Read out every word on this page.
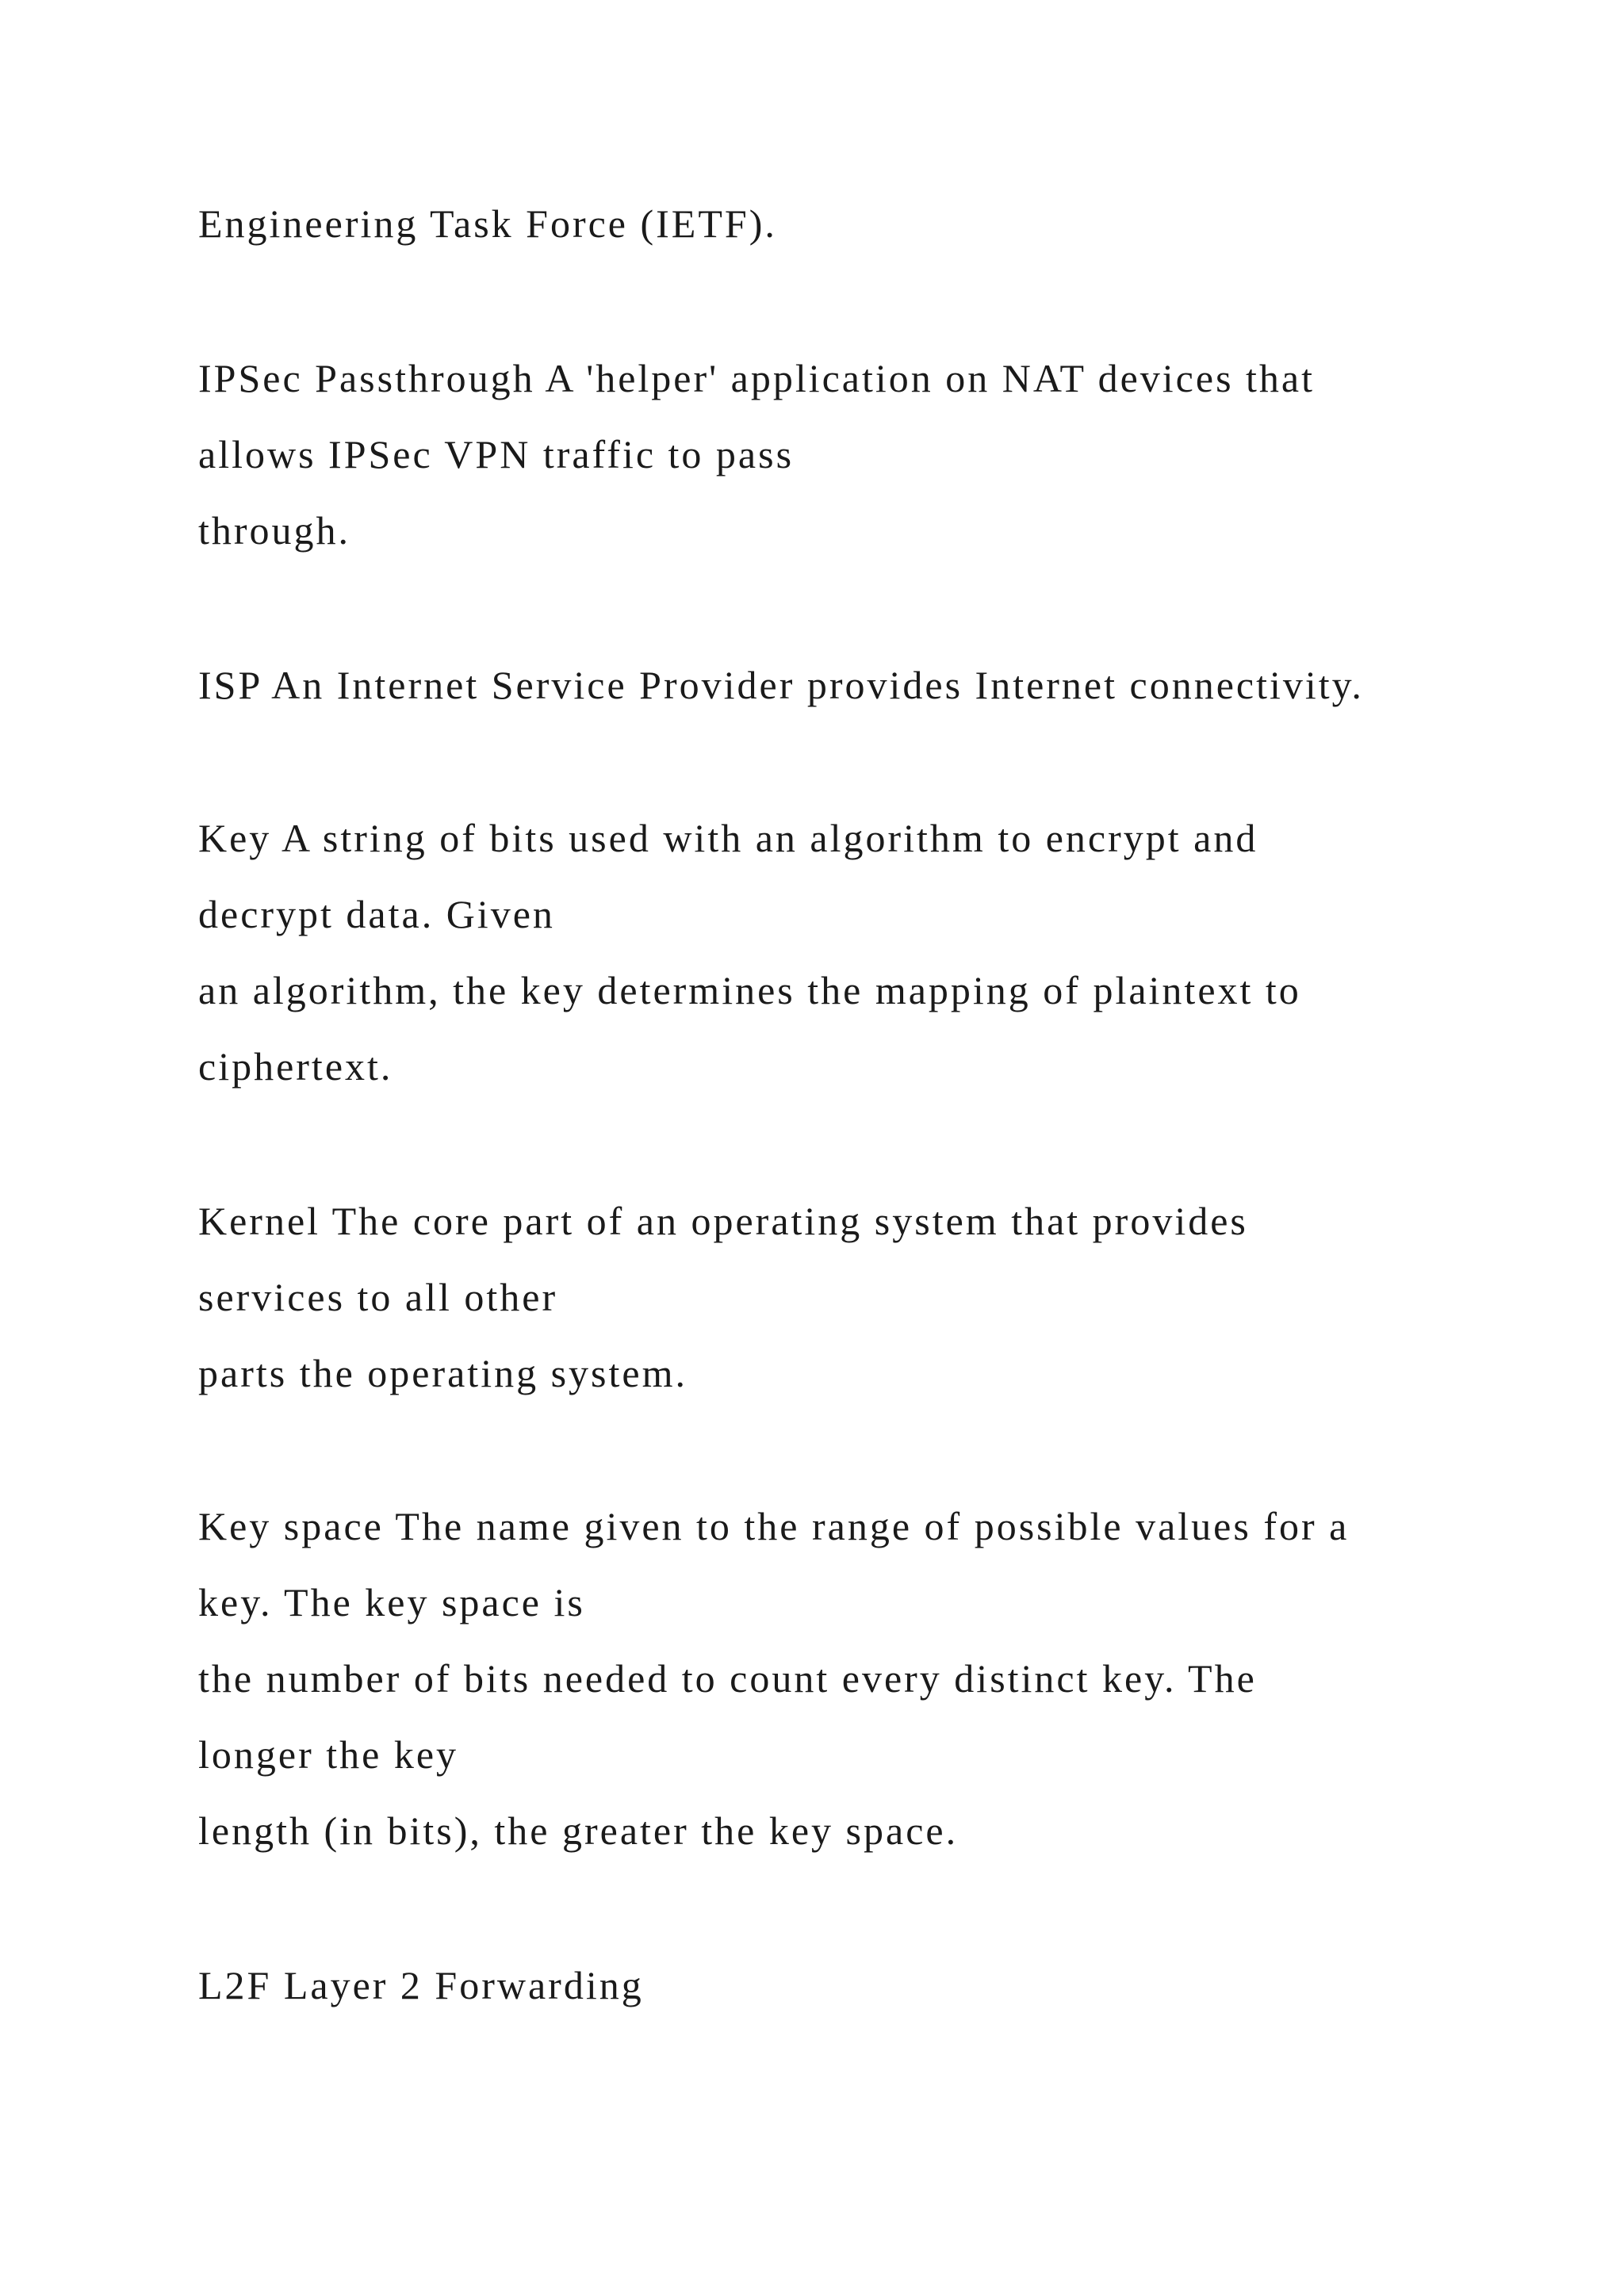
Engineering Task Force (IETF).
IPSec Passthrough A 'helper' application on NAT devices that
allows IPSec VPN traffic to pass
through.
ISP An Internet Service Provider provides Internet connectivity.
Key A string of bits used with an algorithm to encrypt and
decrypt data. Given
an algorithm, the key determines the mapping of plaintext to
ciphertext.
Kernel The core part of an operating system that provides
services to all other
parts the operating system.
Key space The name given to the range of possible values for a
key. The key space is
the number of bits needed to count every distinct key. The
longer the key
length (in bits), the greater the key space.
L2F Layer 2 Forwarding
